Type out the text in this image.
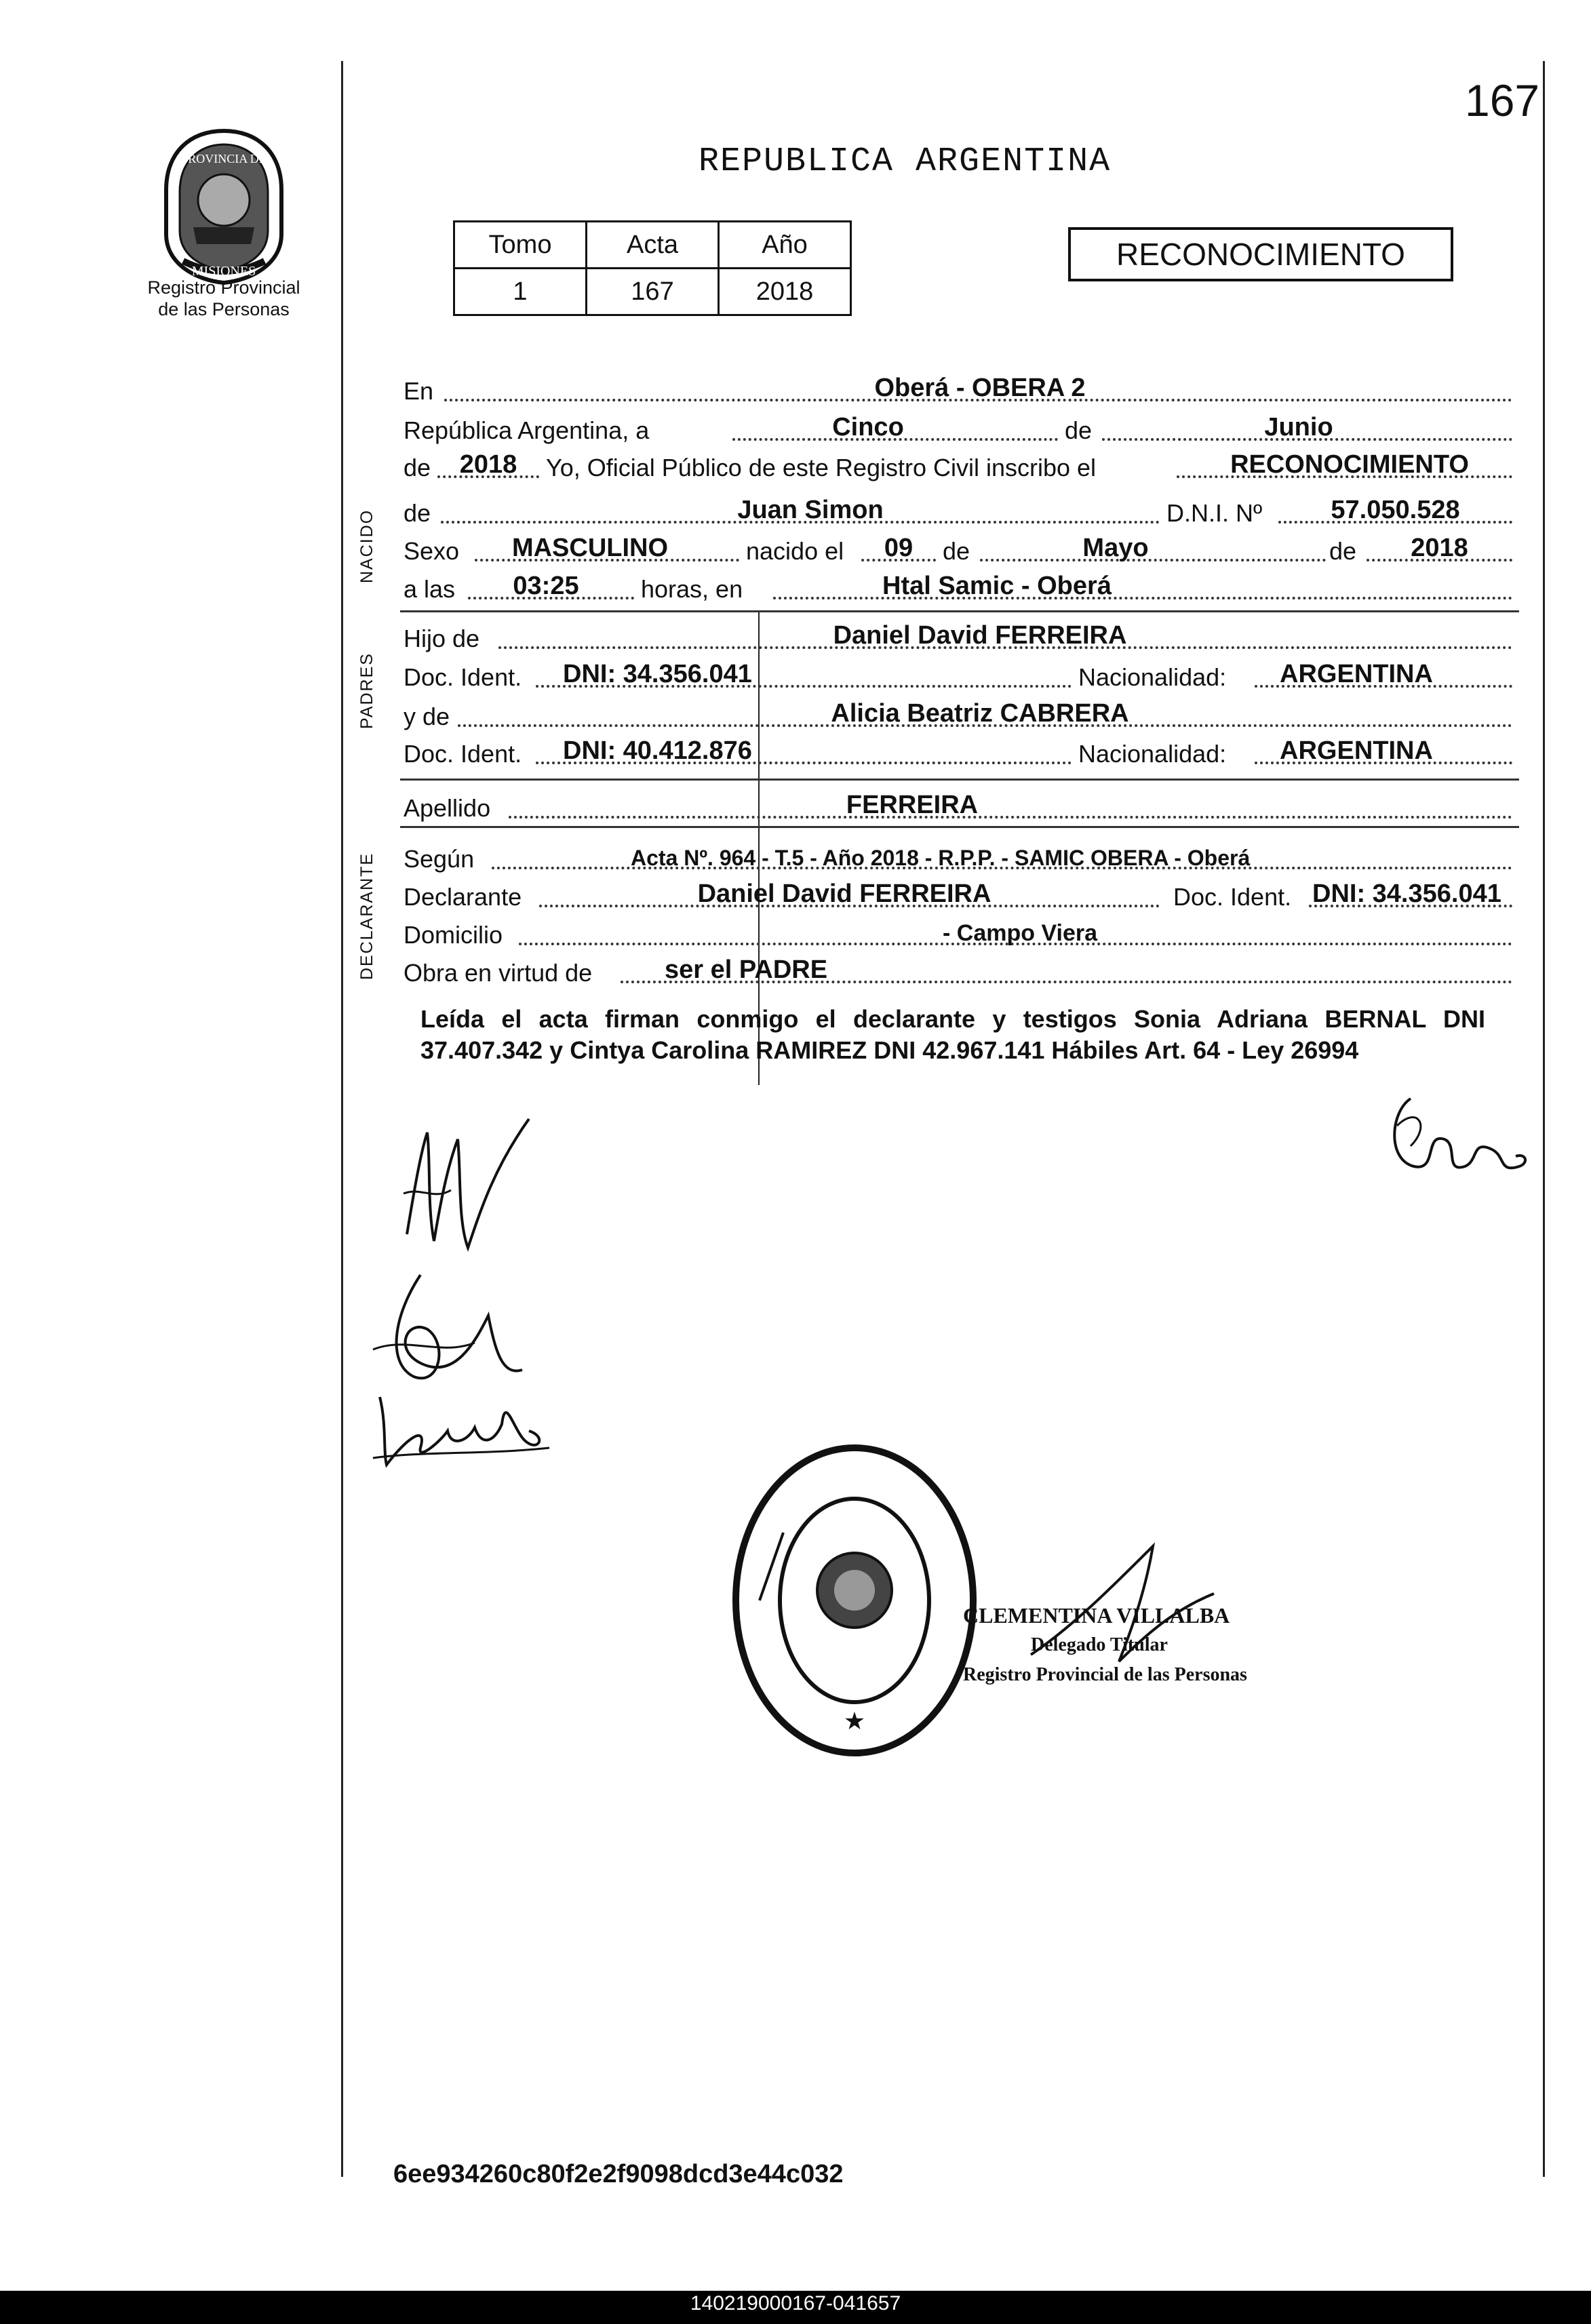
167
REPUBLICA ARGENTINA
PROVINCIA DE
MISIONES
Registro Provincial
de las Personas
Tomo	Acta	Año
1	167	2018
RECONOCIMIENTO
NACIDO
PADRES
DECLARANTE
En	Oberá - OBERA 2
República Argentina, a	Cinco	de	Junio
de	2018	Yo, Oficial Público de este Registro Civil inscribo el	RECONOCIMIENTO
de	Juan Simon	D.N.I. Nº	57.050.528
Sexo	MASCULINO	nacido el	09	de	Mayo	de	2018
a las	03:25	horas, en	Htal Samic - Oberá
Hijo de	Daniel David FERREIRA
Doc. Ident. DNI: 34.356.041	Nacionalidad:	ARGENTINA
y de	Alicia Beatriz CABRERA
Doc. Ident. DNI: 40.412.876	Nacionalidad:	ARGENTINA
Apellido	FERREIRA
Según	Acta Nº. 964 - T.5 - Año 2018 - R.P.P. - SAMIC OBERA - Oberá
Declarante	Daniel David FERREIRA	Doc. Ident. DNI: 34.356.041
Domicilio	- Campo Viera
Obra en virtud de	ser el PADRE
Leída el acta firman conmigo el declarante y testigos Sonia Adriana BERNAL DNI 37.407.342 y Cintya Carolina RAMIREZ DNI 42.967.141 Hábiles Art. 64 - Ley 26994
★
CLEMENTINA VILLALBA
Delegado Titular
Registro Provincial de las Personas
6ee934260c80f2e2f9098dcd3e44c032
140219000167-041657
